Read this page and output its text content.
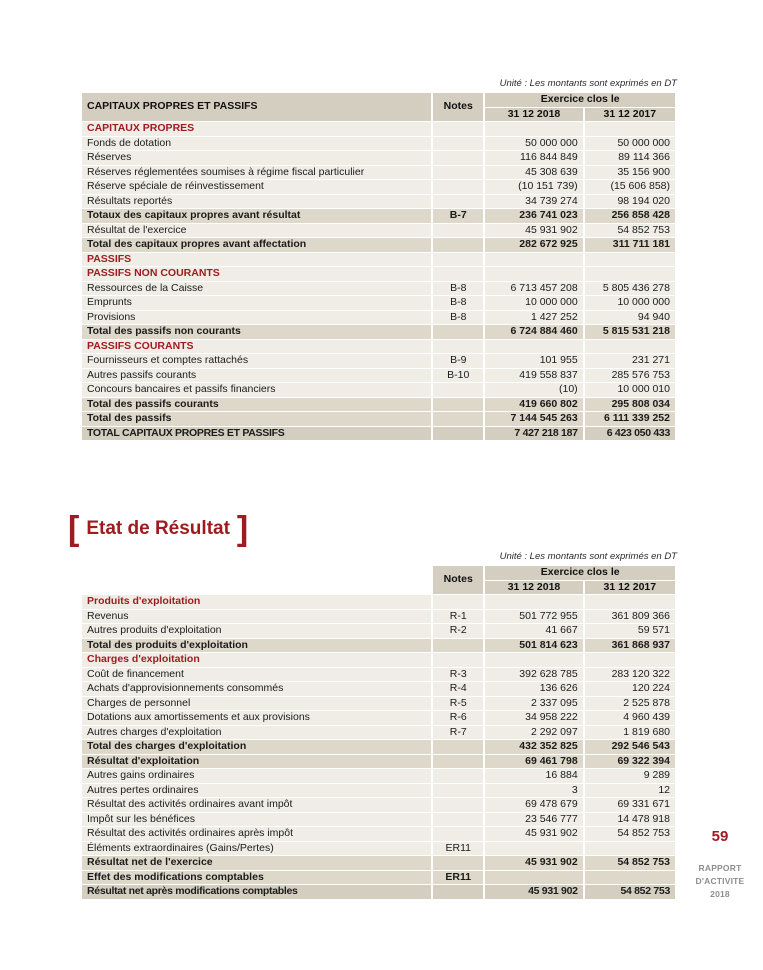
Unité : Les montants sont exprimés en DT
CAPITAUX PROPRES ET PASSIFS	Notes	Exercice clos le	
		31 12 2018	31 12 2017
CAPITAUX PROPRES			
Fonds de dotation		50 000 000	50 000 000
Réserves		116 844 849	89 114 366
Réserves réglementées soumises à régime fiscal particulier		45 308 639	35 156 900
Réserve spéciale de réinvestissement		(10 151 739)	(15 606 858)
Résultats reportés		34 739 274	98 194 020
Totaux des capitaux propres avant résultat	B-7	236 741 023	256 858 428
Résultat de l'exercice		45 931 902	54 852 753
Total des capitaux propres avant affectation		282 672 925	311 711 181
PASSIFS			
PASSIFS NON COURANTS			
Ressources de la Caisse	B-8	6 713 457 208	5 805 436 278
Emprunts	B-8	10 000 000	10 000 000
Provisions	B-8	1 427 252	94 940
Total des passifs non courants		6 724 884 460	5 815 531 218
PASSIFS COURANTS			
Fournisseurs et comptes rattachés	B-9	101 955	231 271
Autres passifs courants	B-10	419 558 837	285 576 753
Concours bancaires et passifs financiers		(10)	10 000 010
Total des passifs courants		419 660 802	295 808 034
Total des passifs		7 144 545 263	6 111 339 252
TOTAL CAPITAUX PROPRES ET PASSIFS		7 427 218 187	6 423 050 433
[ Etat de Résultat ]
Unité : Les montants sont exprimés en DT
	Notes	Exercice clos le	
		31 12 2018	31 12 2017
Produits d'exploitation			
Revenus	R-1	501 772 955	361 809 366
Autres produits d'exploitation	R-2	41 667	59 571
Total des produits d'exploitation		501 814 623	361 868 937
Charges d'exploitation			
Coût de financement	R-3	392 628 785	283 120 322
Achats d'approvisionnements consommés	R-4	136 626	120 224
Charges de personnel	R-5	2 337 095	2 525 878
Dotations aux amortissements et aux provisions	R-6	34 958 222	4 960 439
Autres charges d'exploitation	R-7	2 292 097	1 819 680
Total des charges d'exploitation		432 352 825	292 546 543
Résultat d'exploitation		69 461 798	69 322 394
Autres gains ordinaires		16 884	9 289
Autres pertes ordinaires		3	12
Résultat des activités ordinaires avant impôt		69 478 679	69 331 671
Impôt sur les bénéfices		23 546 777	14 478 918
Résultat des activités ordinaires après impôt		45 931 902	54 852 753
Éléments extraordinaires (Gains/Pertes)	ER11		
Résultat net de l'exercice		45 931 902	54 852 753
Effet des modifications comptables	ER11		
Résultat net après modifications comptables		45 931 902	54 852 753
59
RAPPORT
D'ACTIVITE
2018
